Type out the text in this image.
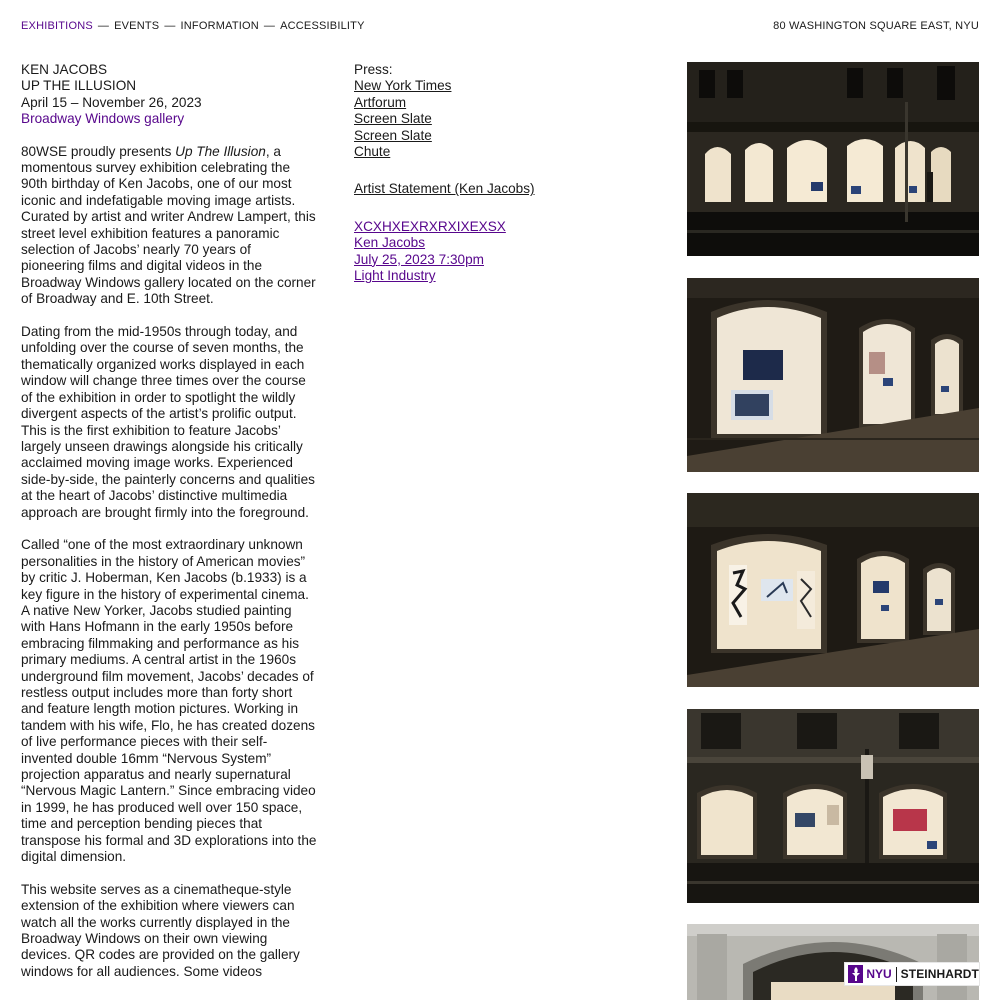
EXHIBITIONS — EVENTS — INFORMATION — ACCESSIBILITY	80 WASHINGTON SQUARE EAST, NYU
KEN JACOBS
UP THE ILLUSION
April 15 – November 26, 2023
Broadway Windows gallery

80WSE proudly presents Up The Illusion, a momentous survey exhibition celebrating the 90th birthday of Ken Jacobs, one of our most iconic and indefatigable moving image artists. Curated by artist and writer Andrew Lampert, this street level exhibition features a panoramic selection of Jacobs’ nearly 70 years of pioneering films and digital videos in the Broadway Windows gallery located on the corner of Broadway and E. 10th Street.

Dating from the mid-1950s through today, and unfolding over the course of seven months, the thematically organized works displayed in each window will change three times over the course of the exhibition in order to spotlight the wildly divergent aspects of the artist’s prolific output. This is the first exhibition to feature Jacobs’ largely unseen drawings alongside his critically acclaimed moving image works. Experienced side-by-side, the painterly concerns and qualities at the heart of Jacobs’ distinctive multimedia approach are brought firmly into the foreground.

Called “one of the most extraordinary unknown personalities in the history of American movies” by critic J. Hoberman, Ken Jacobs (b.1933) is a key figure in the history of experimental cinema. A native New Yorker, Jacobs studied painting with Hans Hofmann in the early 1950s before embracing filmmaking and performance as his primary mediums. A central artist in the 1960s underground film movement, Jacobs’ decades of restless output includes more than forty short and feature length motion pictures. Working in tandem with his wife, Flo, he has created dozens of live performance pieces with their self-invented double 16mm “Nervous System” projection apparatus and nearly supernatural “Nervous Magic Lantern.” Since embracing video in 1999, he has produced well over 150 space, time and perception bending pieces that transpose his formal and 3D explorations into the digital dimension.

This website serves as a cinematheque-style extension of the exhibition where viewers can watch all the works currently displayed in the Broadway Windows on their own viewing devices. QR codes are provided on the gallery windows for all audiences. Some videos

Press:
New York Times
Artforum
Screen Slate
Screen Slate
Chute
Artist Statement (Ken Jacobs)
XCXHXEXRXRXIXEXSX
Ken Jacobs
July 25, 2023 7:30pm
Light Industry
NYU STEINHARDT
